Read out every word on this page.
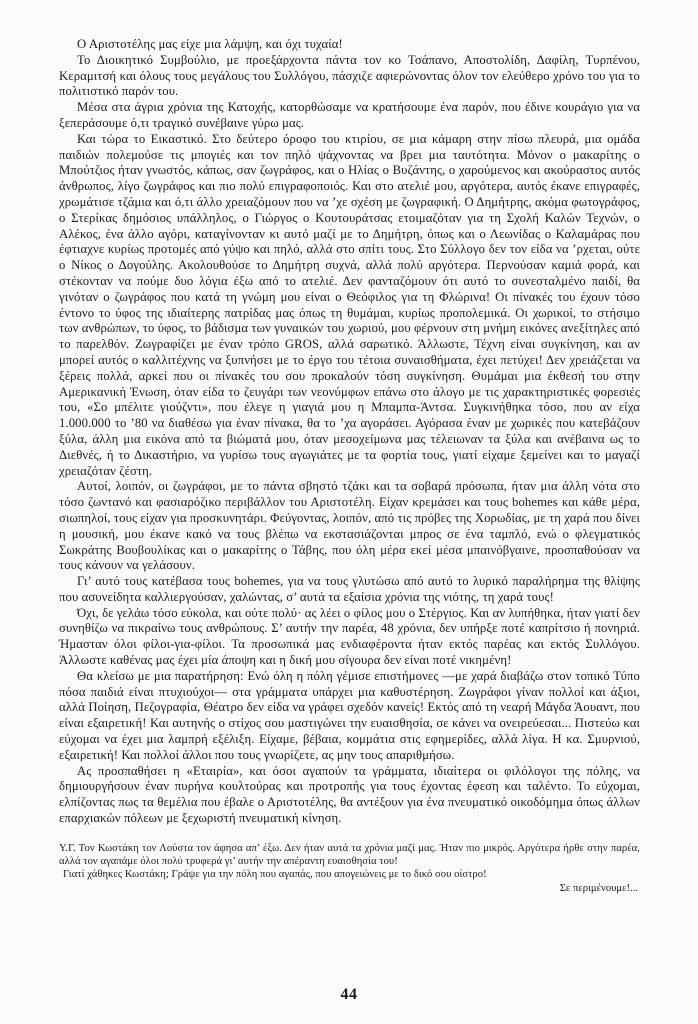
Ο Αριστοτέλης μας είχε μια λάμψη, και όχι τυχαία!

Το Διοικητικό Συμβούλιο, με προεξάρχοντα πάντα τον κο Τσάπανο, Αποστολίδη, Δαφίλη, Τυρπένου, Κεραμιτσή και όλους τους μεγάλους του Συλλόγου, πάσχιζε αφιερώνοντας όλον τον ελεύθερο χρόνο του για το πολιτιστικό παρόν του.

Μέσα στα άγρια χρόνια της Κατοχής, κατορθώσαμε να κρατήσουμε ένα παρόν, που έδινε κουράγιο για να ξεπεράσουμε ό,τι τραγικό συνέβαινε γύρω μας.

Και τώρα το Εικαστικό. Στο δεύτερο όροφο του κτιρίου, σε μια κάμαρη στην πίσω πλευρά, μια ομάδα παιδιών πολεμούσε τις μπογιές και τον πηλό ψάχνοντας να βρει μια ταυτότητα. Μόνον ο μακαρίτης ο Μπούτζιος ήταν γνωστός, κάπως, σαν ζωγράφος, και ο Ηλίας ο Βυζάντης, ο χαρούμενος και ακούραστος αυτός άνθρωπος, λίγο ζωγράφος και πιο πολύ επιγραφοποιός. Και στο ατελιέ μου, αργότερα, αυτός έκανε επιγραφές, χρωμάτισε τζάμια και ό,τι άλλο χρειαζόμουν που να ’χε σχέση με ζωγραφική. Ο Δημήτρης, ακόμα φωτογράφος, ο Στερίκας δημόσιος υπάλληλος, ο Γιώργος ο Κουτουράτσας ετοιμαζόταν για τη Σχολή Καλών Τεχνών, ο Αλέκος, ένα άλλο αγόρι, καταγίνονταν κι αυτό μαζί με το Δημήτρη, όπως και ο Λεωνίδας ο Καλαμάρας που έφτιαχνε κυρίως προτομές από γύψο και πηλό, αλλά στο σπίτι τους. Στο Σύλλογο δεν τον είδα να ’ρχεται, ούτε ο Νίκος ο Δογούλης. Ακολουθούσε το Δημήτρη συχνά, αλλά πολύ αργότερα. Περνούσαν καμιά φορά, και στέκονταν να πούμε δυο λόγια έξω από το ατελιέ. Δεν φανταζόμουν ότι αυτό το συνεσταλμένο παιδί, θα γινόταν ο ζωγράφος που κατά τη γνώμη μου είναι ο Θεόφιλος για τη Φλώρινα! Οι πίνακές του έχουν τόσο έντονο το ύφος της ιδιαίτερης πατρίδας μας όπως τη θυμάμαι, κυρίως προπολεμικά. Οι χωρικοί, το στήσιμο των ανθρώπων, το ύφος, το βάδισμα των γυναικών του χωριού, μου φέρνουν στη μνήμη εικόνες ανεξίτηλες από το παρελθόν. Ζωγραφίζει με έναν τρόπο GROS, αλλά σαρωτικό. Άλλωστε, Τέχνη είναι συγκίνηση, και αν μπορεί αυτός ο καλλιτέχνης να ξυπνήσει με το έργο του τέτοια συναισθήματα, έχει πετύχει! Δεν χρειάζεται να ξέρεις πολλά, αρκεί που οι πίνακές του σου προκαλούν τόση συγκίνηση. Θυμάμαι μια έκθεσή του στην Αμερικανική Ένωση, όταν είδα το ζευγάρι των νεονύμφων επάνω στο άλογο με τις χαρακτηριστικές φορεσιές του, «Σο μπέλιτε γιούζντι», που έλεγε η γιαγιά μου η Μπαμπα-Άντσα. Συγκινήθηκα τόσο, που αν είχα 1.000.000 το ’80 να διαθέσω για έναν πίνακα, θα το ’χα αγοράσει. Αγόρασα έναν με χωρικές που κατεβάζουν ξύλα, άλλη μια εικόνα από τα βιώματά μου, όταν μεσοχείμωνα μας τέλειωναν τα ξύλα και ανέβαινα ως το Διεθνές, ή το Δικαστήριο, να γυρίσω τους αγωγιάτες με τα φορτία τους, γιατί είχαμε ξεμείνει και το μαγαζί χρειαζόταν ζέστη.

Αυτοί, λοιπόν, οι ζωγράφοι, με το πάντα σβηστό τζάκι και τα σοβαρά πρόσωπα, ήταν μια άλλη νότα στο τόσο ζωντανό και φασιαρόζικο περιβάλλον του Αριστοτέλη. Είχαν κρεμάσει και τους bohemes και κάθε μέρα, σιωπηλοί, τους είχαν για προσκυνητάρι. Φεύγοντας, λοιπόν, από τις πρόβες της Χορωδίας, με τη χαρά που δίνει η μουσική, μου έκανε κακό να τους βλέπω να εκστασιάζονται μπρος σε ένα ταμπλό, ενώ ο φλεγματικός Σωκράτης Βουβουλίκας και ο μακαρίτης ο Τάβης, που όλη μέρα εκεί μέσα μπαινόβγαινε, προσπαθούσαν να τους κάνουν να γελάσουν.

Γι’ αυτό τους κατέβασα τους bohemes, για να τους γλυτώσω από αυτό το λυρικό παραλήρημα της θλίψης που ασυνείδητα καλλιεργούσαν, χαλώντας, σ’ αυτά τα εξαίσια χρόνια της νιότης, τη χαρά τους!

Όχι, δε γελάω τόσο εύκολα, και ούτε πολύ· ας λέει ο φίλος μου ο Στέργιος. Και αν λυπήθηκα, ήταν γιατί δεν συνηθίζω να πικραίνω τους ανθρώπους. Σ’ αυτήν την παρέα, 48 χρόνια, δεν υπήρξε ποτέ καπρίτσιο ή πονηριά. Ήμασταν όλοι φίλοι-για-φίλοι. Τα προσωπικά μας ενδιαφέροντα ήταν εκτός παρέας και εκτός Συλλόγου. Άλλωστε καθένας μας έχει μία άποψη και η δική μου σίγουρα δεν είναι ποτέ νικημένη!

Θα κλείσω με μια παρατήρηση: Ενώ όλη η πόλη γέμισε επιστήμονες —με χαρά διαβάζω στον τοπικό Τύπο πόσα παιδιά είναι πτυχιούχοι— στα γράμματα υπάρχει μια καθυστέρηση. Ζωγράφοι γίναν πολλοί και άξιοι, αλλά Ποίηση, Πεζογραφία, Θέατρο δεν είδα να γράφει σχεδόν κανείς! Εκτός από τη νεαρή Μάγδα Άουαντ, που είναι εξαιρετική! Και αυτηνής ο στίχος σου μαστιγώνει την ευαισθησία, σε κάνει να ονειρεύεσαι... Πιστεύω και εύχομαι να έχει μια λαμπρή εξέλιξη. Είχαμε, βέβαια, κομμάτια στις εφημερίδες, αλλά λίγα. Η κα. Σμυρνιού, εξαιρετική! Και πολλοί άλλοι που τους γνωρίζετε, ας μην τους απαριθμήσω.

Ας προσπαθήσει η «Εταιρία», και όσοι αγαπούν τα γράμματα, ιδιαίτερα οι φιλόλογοι της πόλης, να δημιουργήσουν έναν πυρήνα κουλτούρας και προτροπής για τους έχοντας έφεση και ταλέντο. Το εύχομαι, ελπίζοντας πως τα θεμέλια που έβαλε ο Αριστοτέλης, θα αντέξουν για ένα πνευματικό οικοδόμημα όπως άλλων επαρχιακών πόλεων με ξεχωριστή πνευματική κίνηση.

Υ.Γ. Τον Κωστάκη τον Λούστα τον άφησα απ’ έξω. Δεν ήταν αυτά τα χρόνια μαζί μας. Ήταν πιο μικρός. Αργότερα ήρθε στην παρέα, αλλά τον αγαπάμε όλοι πολύ τρυφερά γι’ αυτήν την απέραντη ευαισθησία του!

Γιατί χάθηκες Κωστάκη; Γράψε για την πόλη που αγαπάς, που απογειώνεις με το δικό σου οίστρο!

Σε περιμένουμε!...
44
